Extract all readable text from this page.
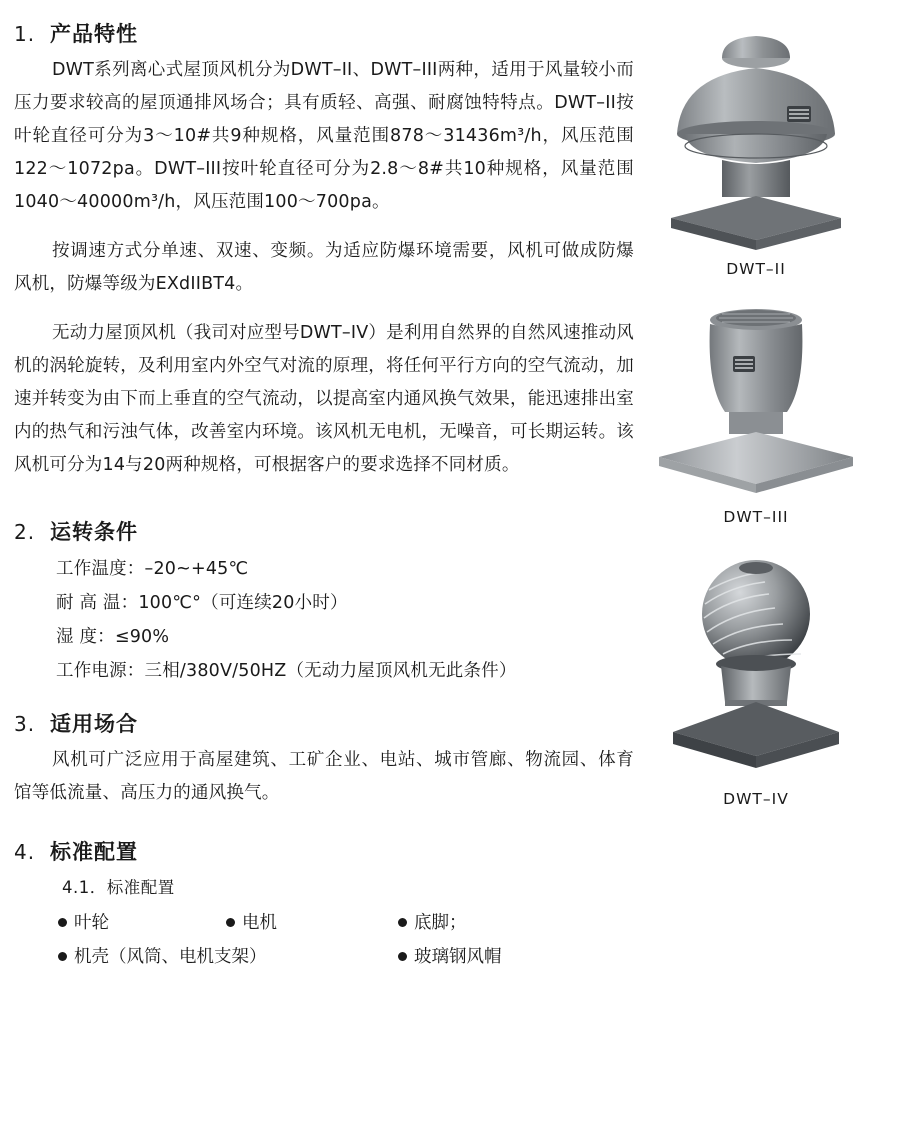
1. 产品特性

DWT系列离心式屋顶风机分为DWT–II、DWT–III两种，适用于风量较小而压力要求较高的屋顶通排风场合；具有质轻、高强、耐腐蚀特特点。DWT–II按叶轮直径可分为3～10#共9种规格，风量范围878～31436m³/h，风压范围122～1072pa。DWT–III按叶轮直径可分为2.8～8#共10种规格，风量范围1040～40000m³/h，风压范围100～700pa。

按调速方式分单速、双速、变频。为适应防爆环境需要，风机可做成防爆风机，防爆等级为EXdIIBT4。

无动力屋顶风机（我司对应型号DWT–IV）是利用自然界的自然风速推动风机的涡轮旋转，及利用室内外空气对流的原理，将任何平行方向的空气流动，加速并转变为由下而上垂直的空气流动，以提高室内通风换气效果，能迅速排出室内的热气和污浊气体，改善室内环境。该风机无电机，无噪音，可长期运转。该风机可分为14与20两种规格，可根据客户的要求选择不同材质。

2. 运转条件
工作温度：–20~+45℃
耐 高 温：100℃°（可连续20小时）
湿 度：≤90%
工作电源：三相/380V/50HZ（无动力屋顶风机无此条件）
3. 适用场合

风机可广泛应用于高屋建筑、工矿企业、电站、城市管廊、物流园、体育馆等低流量、高压力的通风换气。

4. 标准配置
4.1．标准配置
叶轮	电机	底脚；
机壳（风筒、电机支架）	玻璃钢风帽
DWT–II
DWT–III
DWT–IV
